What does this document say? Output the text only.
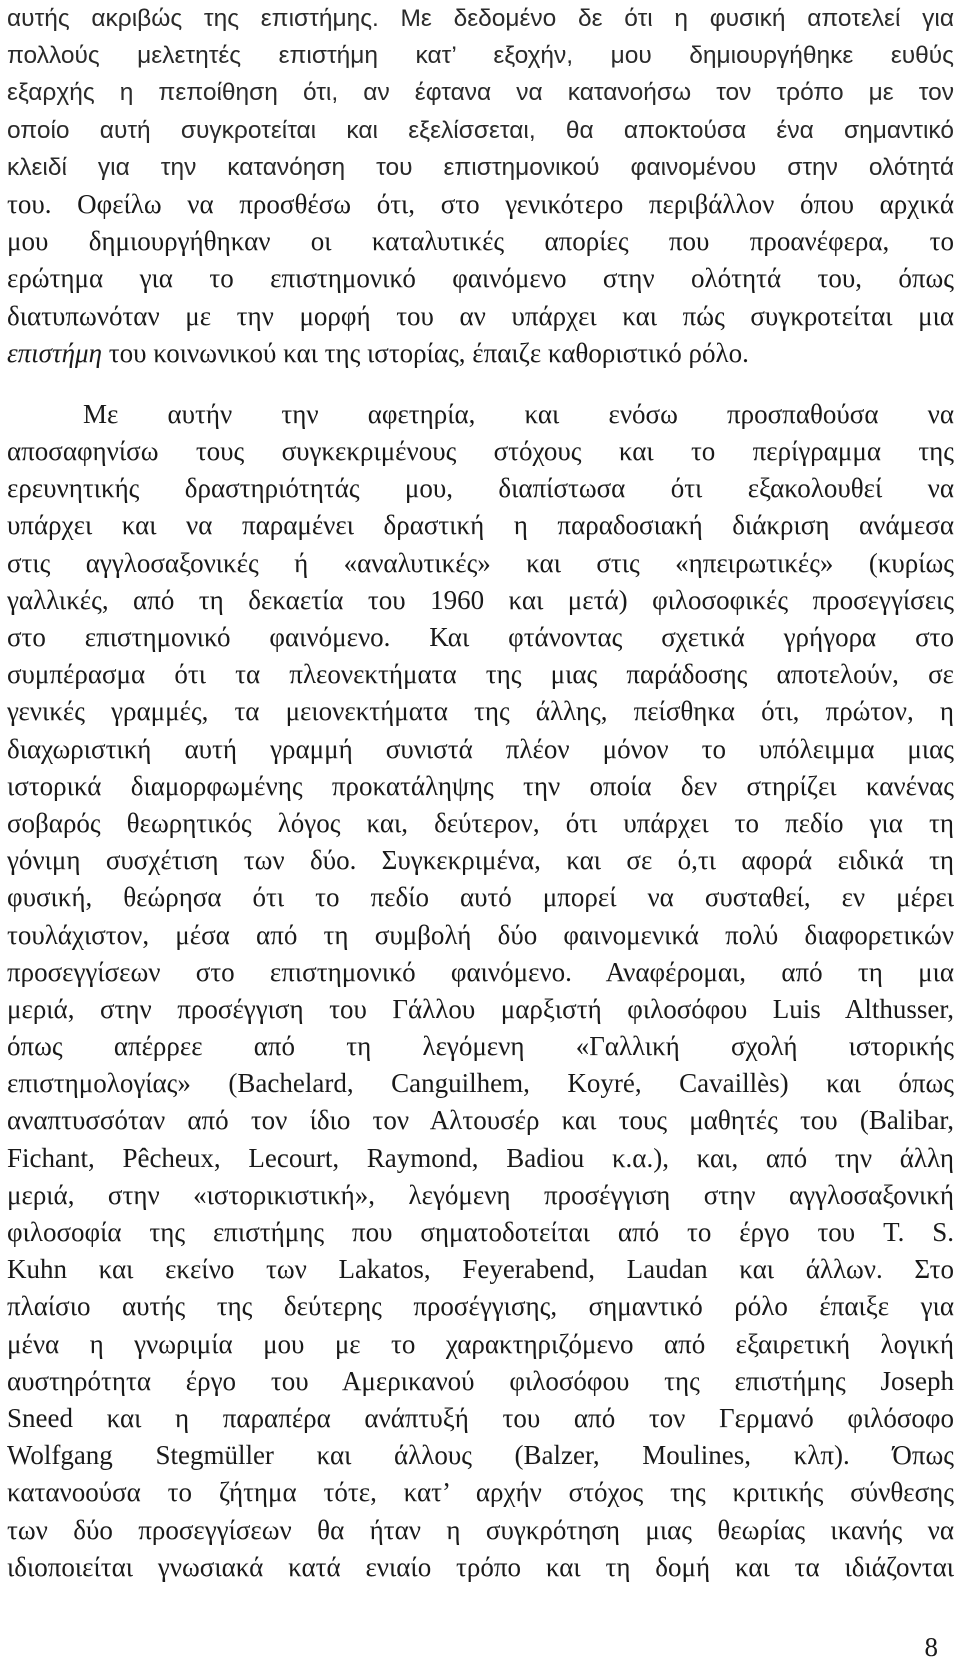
αυτής ακριβώς της επιστήμης. Με δεδομένο δε ότι η φυσική αποτελεί για
πολλούς μελετητές επιστήμη κατ’ εξοχήν, μου δημιουργήθηκε ευθύς
εξαρχής η πεποίθηση ότι, αν έφτανα να κατανοήσω τον τρόπο με τον
οποίο αυτή συγκροτείται και εξελίσσεται, θα αποκτούσα ένα σημαντικό
κλειδί για την κατανόηση του επιστημονικού φαινομένου στην ολότητά
του. Οφείλω να προσθέσω ότι, στο γενικότερο περιβάλλον όπου αρχικά
μου δημιουργήθηκαν οι καταλυτικές απορίες που προανέφερα, το
ερώτημα για το επιστημονικό φαινόμενο στην ολότητά του, όπως
διατυπωνόταν με την μορφή του αν υπάρχει και πώς συγκροτείται μια
επιστήμη του κοινωνικού και της ιστορίας, έπαιζε καθοριστικό ρόλο.
Με αυτήν την αφετηρία, και ενόσω προσπαθούσα να
αποσαφηνίσω τους συγκεκριμένους στόχους και το περίγραμμα της
ερευνητικής δραστηριότητάς μου, διαπίστωσα ότι εξακολουθεί να
υπάρχει και να παραμένει δραστική η παραδοσιακή διάκριση ανάμεσα
στις αγγλοσαξονικές ή «αναλυτικές» και στις «ηπειρωτικές» (κυρίως
γαλλικές, από τη δεκαετία του 1960 και μετά) φιλοσοφικές προσεγγίσεις
στο επιστημονικό φαινόμενο. Και φτάνοντας σχετικά γρήγορα στο
συμπέρασμα ότι τα πλεονεκτήματα της μιας παράδοσης αποτελούν, σε
γενικές γραμμές, τα μειονεκτήματα της άλλης, πείσθηκα ότι, πρώτον, η
διαχωριστική αυτή γραμμή συνιστά πλέον μόνον το υπόλειμμα μιας
ιστορικά διαμορφωμένης προκατάληψης την οποία δεν στηρίζει κανένας
σοβαρός θεωρητικός λόγος και, δεύτερον, ότι υπάρχει το πεδίο για τη
γόνιμη συσχέτιση των δύο. Συγκεκριμένα, και σε ό,τι αφορά ειδικά τη
φυσική, θεώρησα ότι το πεδίο αυτό μπορεί να συσταθεί, εν μέρει
τουλάχιστον, μέσα από τη συμβολή δύο φαινομενικά πολύ διαφορετικών
προσεγγίσεων στο επιστημονικό φαινόμενο. Αναφέρομαι, από τη μια
μεριά, στην προσέγγιση του Γάλλου μαρξιστή φιλοσόφου Luis Althusser,
όπως απέρρεε από τη λεγόμενη «Γαλλική σχολή ιστορικής
επιστημολογίας» (Bachelard, Canguilhem, Koyré, Cavaillès) και όπως
αναπτυσσόταν από τον ίδιο τον Αλτουσέρ και τους μαθητές του (Balibar,
Fichant, Pêcheux, Lecourt, Raymond, Badiou κ.α.), και, από την άλλη
μεριά, στην «ιστορικιστική», λεγόμενη προσέγγιση στην αγγλοσαξονική
φιλοσοφία της επιστήμης που σηματοδοτείται από το έργο του T. S.
Kuhn και εκείνο των Lakatos, Feyerabend, Laudan και άλλων. Στο
πλαίσιο αυτής της δεύτερης προσέγγισης, σημαντικό ρόλο έπαιξε για
μένα η γνωριμία μου με το χαρακτηριζόμενο από εξαιρετική λογική
αυστηρότητα έργο του Αμερικανού φιλοσόφου της επιστήμης Joseph
Sneed και η παραπέρα ανάπτυξή του από τον Γερμανό φιλόσοφο
Wolfgang Stegmüller και άλλους (Balzer, Moulines, κλπ). Όπως
κατανοούσα το ζήτημα τότε, κατ’ αρχήν στόχος της κριτικής σύνθεσης
των δύο προσεγγίσεων θα ήταν η συγκρότηση μιας θεωρίας ικανής να
ιδιοποιείται γνωσιακά κατά ενιαίο τρόπο και τη δομή και τα ιδιάζονται
8
